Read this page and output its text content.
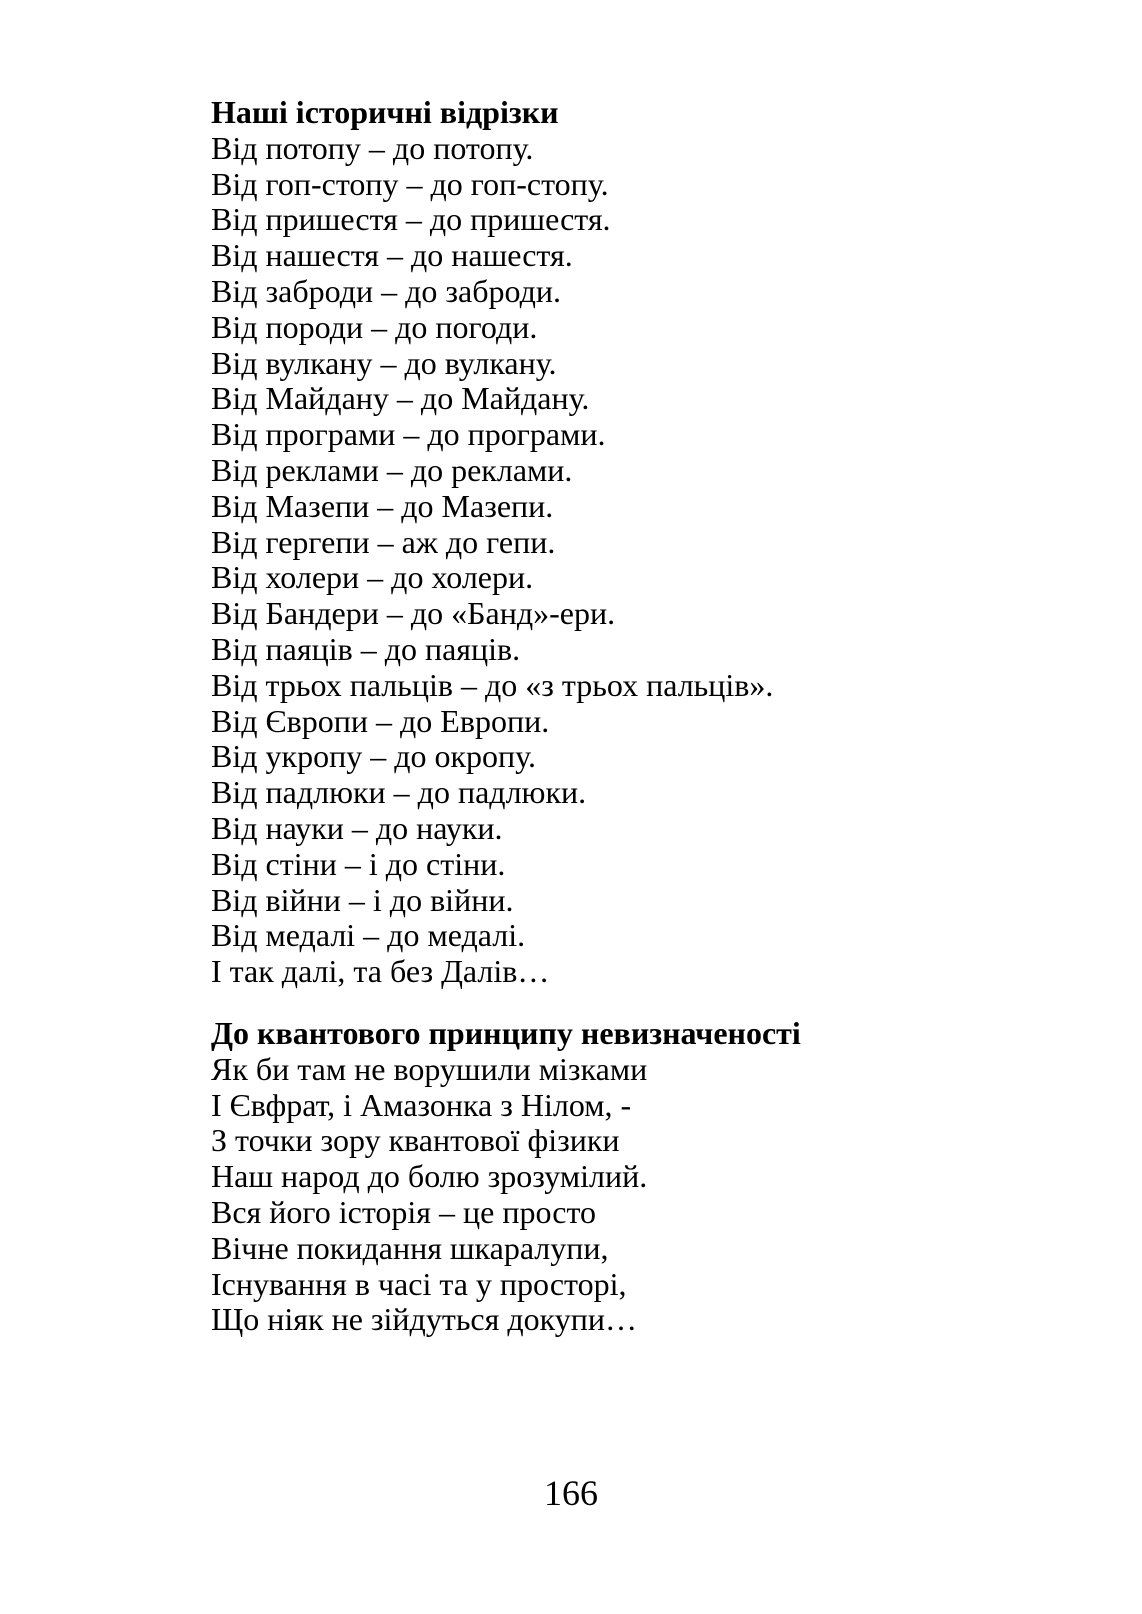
Наші історичні відрізки
Від потопу – до потопу.
Від гоп-стопу – до гоп-стопу.
Від пришестя – до пришестя.
Від нашестя – до нашестя.
Від заброди – до заброди.
Від породи – до погоди.
Від вулкану – до вулкану.
Від Майдану – до Майдану.
Від програми – до програми.
Від реклами – до реклами.
Від Мазепи – до Мазепи.
Від гергепи – аж до гепи.
Від холери – до холери.
Від Бандери – до «Банд»-ери.
Від паяців – до паяців.
Від трьох пальців – до «з трьох пальців».
Від Європи – до Европи.
Від укропу – до окропу.
Від падлюки – до падлюки.
Від науки – до науки.
Від стіни – і до стіни.
Від війни – і до війни.
Від медалі – до медалі.
І так далі, та без Далів…
До квантового принципу невизначеності
Як би там не ворушили мізками
І Євфрат, і Амазонка з Нілом, -
З точки зору квантової фізики
Наш народ до болю зрозумілий.
Вся його історія – це просто
Вічне покидання шкаралупи,
Існування в часі та у просторі,
Що ніяк не зійдуться докупи…
166
